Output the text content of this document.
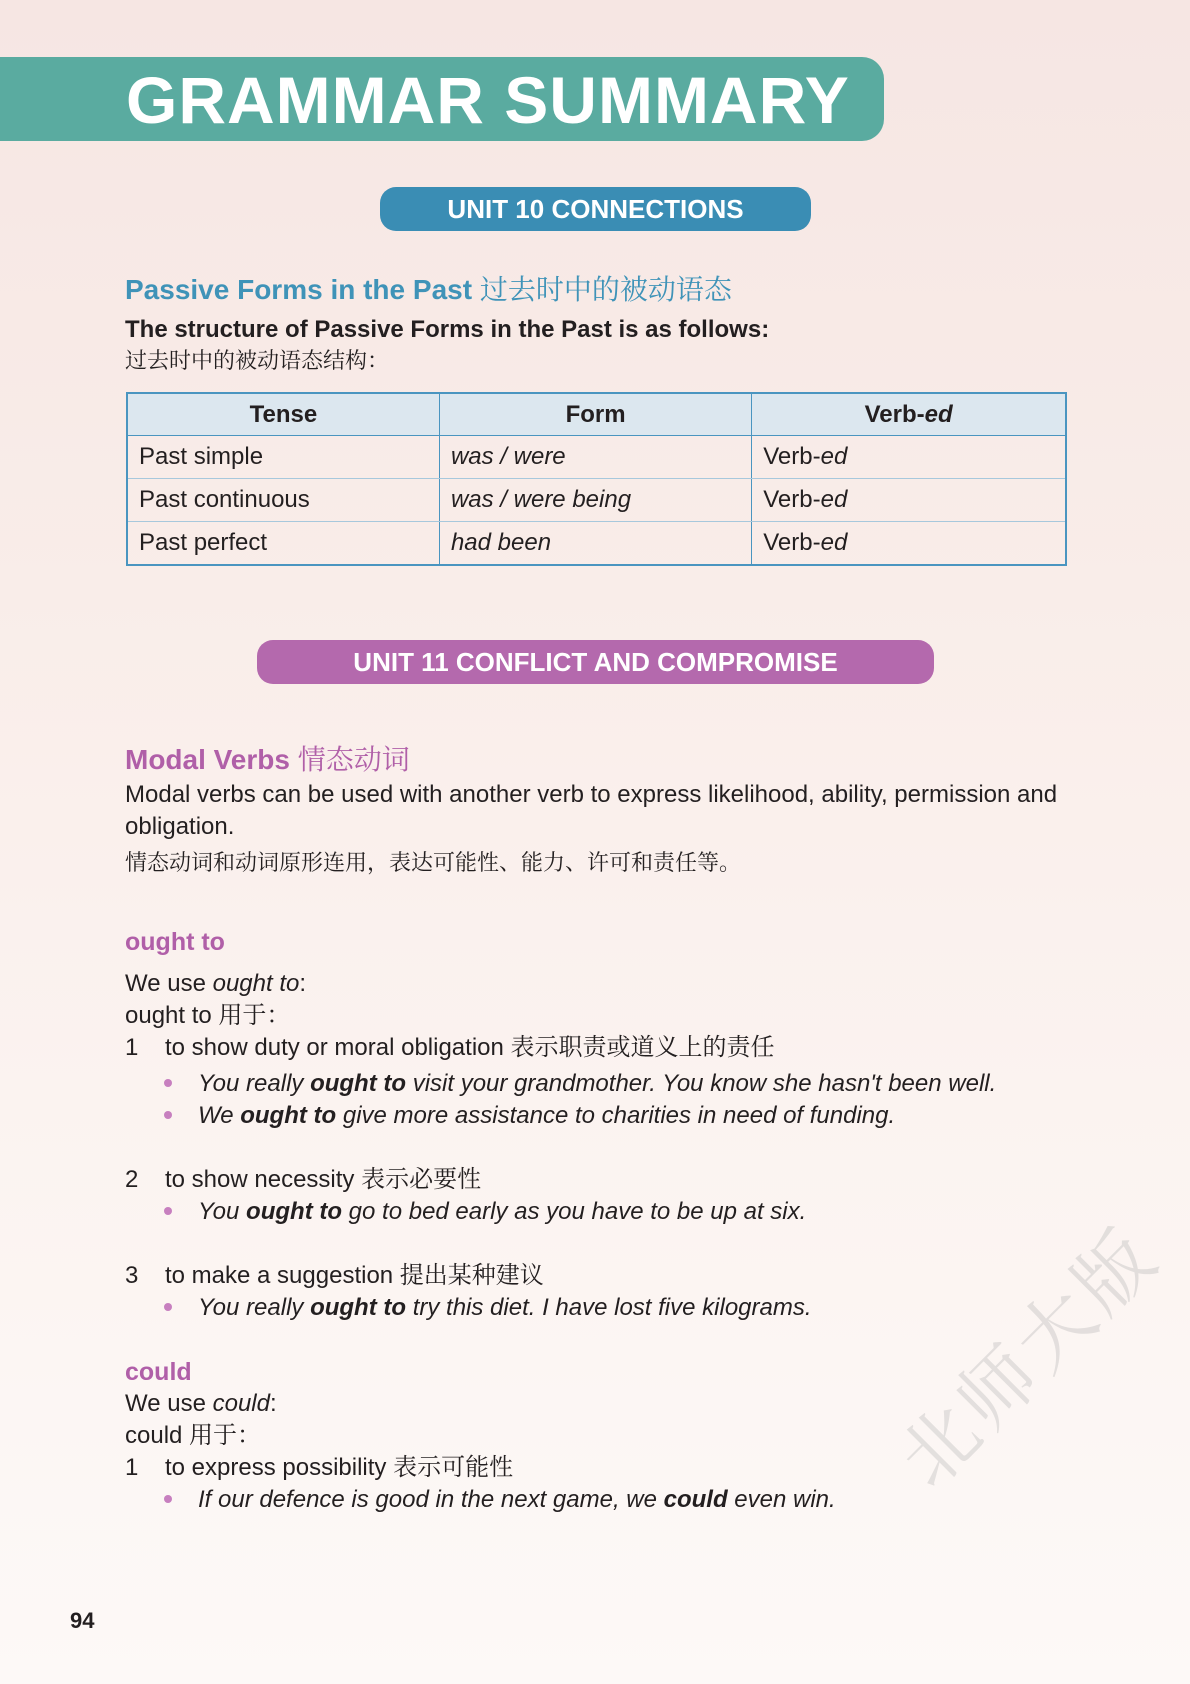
GRAMMAR SUMMARY
UNIT 10 CONNECTIONS
Passive Forms in the Past 过去时中的被动语态
The structure of Passive Forms in the Past is as follows:
过去时中的被动语态结构：
Tense	Form	Verb-ed
Past simple	was / were	Verb-ed
Past continuous	was / were being	Verb-ed
Past perfect	had been	Verb-ed
UNIT 11 CONFLICT AND COMPROMISE
Modal Verbs 情态动词
Modal verbs can be used with another verb to express likelihood, ability, permission and
obligation.
情态动词和动词原形连用，表达可能性、能力、许可和责任等。
ought to
We use ought to:
ought to 用于：
1 to show duty or moral obligation 表示职责或道义上的责任
You really ought to visit your grandmother. You know she hasn't been well.
We ought to give more assistance to charities in need of funding.
2 to show necessity 表示必要性
You ought to go to bed early as you have to be up at six.
3 to make a suggestion 提出某种建议
You really ought to try this diet. I have lost five kilograms.
could
We use could:
could 用于：
1 to express possibility 表示可能性
If our defence is good in the next game, we could even win.
94
北师大版
